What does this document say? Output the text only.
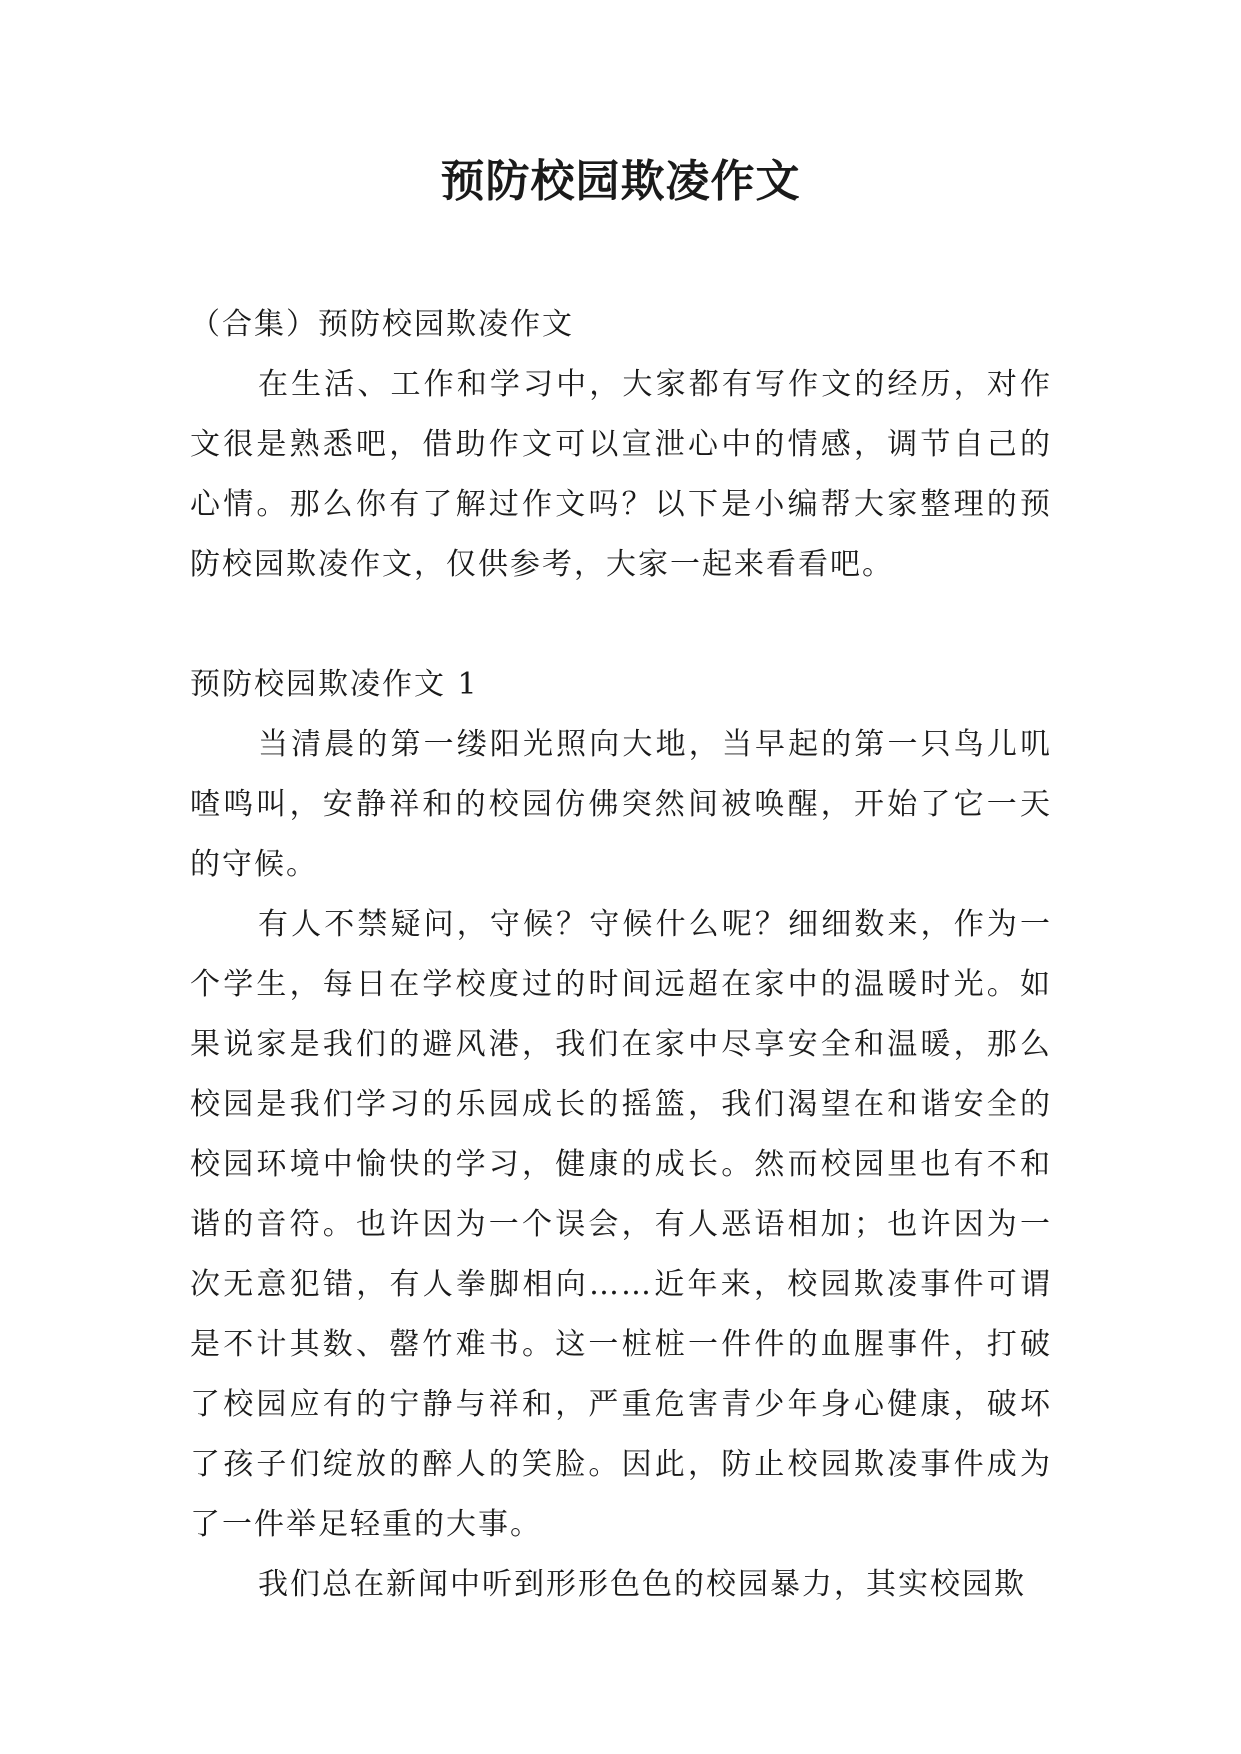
预防校园欺凌作文

（合集）预防校园欺凌作文

在生活、工作和学习中，大家都有写作文的经历，对作文很是熟悉吧，借助作文可以宣泄心中的情感，调节自己的心情。那么你有了解过作文吗？以下是小编帮大家整理的预防校园欺凌作文，仅供参考，大家一起来看看吧。

预防校园欺凌作文 1

当清晨的第一缕阳光照向大地，当早起的第一只鸟儿叽喳鸣叫，安静祥和的校园仿佛突然间被唤醒，开始了它一天的守候。

有人不禁疑问，守候？守候什么呢？细细数来，作为一个学生，每日在学校度过的时间远超在家中的温暖时光。如果说家是我们的避风港，我们在家中尽享安全和温暖，那么校园是我们学习的乐园成长的摇篮，我们渴望在和谐安全的校园环境中愉快的学习，健康的成长。然而校园里也有不和谐的音符。也许因为一个误会，有人恶语相加；也许因为一次无意犯错，有人拳脚相向……近年来，校园欺凌事件可谓是不计其数、罄竹难书。这一桩桩一件件的血腥事件，打破了校园应有的宁静与祥和，严重危害青少年身心健康，破坏了孩子们绽放的醉人的笑脸。因此，防止校园欺凌事件成为了一件举足轻重的大事。

我们总在新闻中听到形形色色的校园暴力，其实校园欺
